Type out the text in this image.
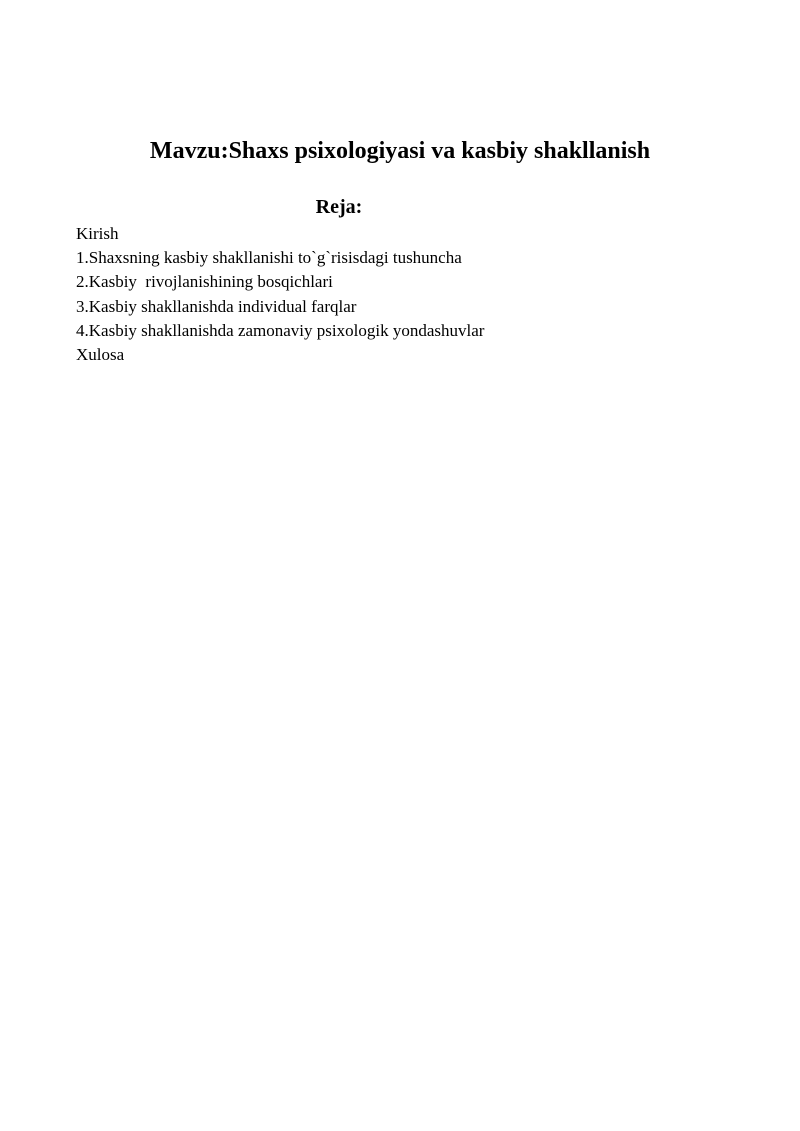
Mavzu:Shaxs psixologiyasi va kasbiy shakllanish
Reja:
Kirish
1.Shaxsning kasbiy shakllanishi to`g`risisdagi tushuncha
2.Kasbiy  rivojlanishining bosqichlari
3.Kasbiy shakllanishda individual farqlar
4.Kasbiy shakllanishda zamonaviy psixologik yondashuvlar
Xulosa
